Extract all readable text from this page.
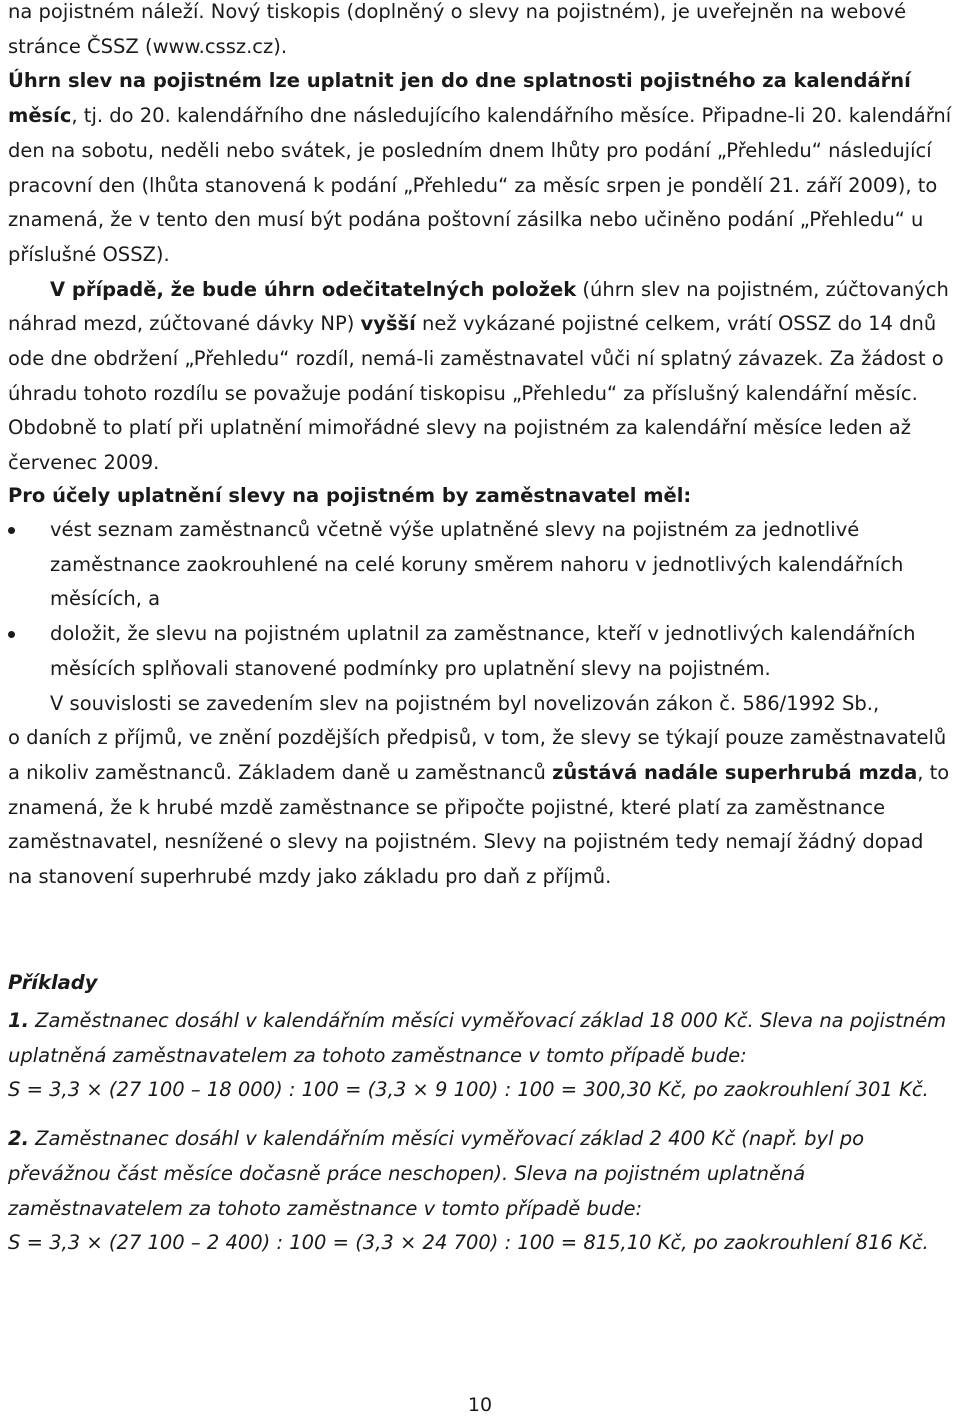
na pojistném náleží. Nový tiskopis (doplněný o slevy na pojistném), je uveřejněn na webové stránce ČSSZ (www.cssz.cz).

Úhrn slev na pojistném lze uplatnit jen do dne splatnosti pojistného za kalendářní měsíc, tj. do 20. kalendářního dne následujícího kalendářního měsíce. Připadne-li 20. kalendářní den na sobotu, neděli nebo svátek, je posledním dnem lhůty pro podání „Přehledu“ následující pracovní den (lhůta stanovená k podání „Přehledu“ za měsíc srpen je pondělí 21. září 2009), to znamená, že v tento den musí být podána poštovní zásilka nebo učiněno podání „Přehledu“ u příslušné OSSZ).

V případě, že bude úhrn odečitatelných položek (úhrn slev na pojistném, zúčtovaných náhrad mezd, zúčtované dávky NP) vyšší než vykázané pojistné celkem, vrátí OSSZ do 14 dnů ode dne obdržení „Přehledu“ rozdíl, nemá-li zaměstnavatel vůči ní splatný závazek. Za žádost o úhradu tohoto rozdílu se považuje podání tiskopisu „Přehledu“ za příslušný kalendářní měsíc. Obdobně to platí při uplatnění mimořádné slevy na pojistném za kalendářní měsíce leden až červenec 2009.

Pro účely uplatnění slevy na pojistném by zaměstnavatel měl:

vést seznam zaměstnanců včetně výše uplatněné slevy na pojistném za jednotlivé zaměstnance zaokrouhlené na celé koruny směrem nahoru v jednotlivých kalendářních měsících, a
doložit, že slevu na pojistném uplatnil za zaměstnance, kteří v jednotlivých kalendářních měsících splňovali stanovené podmínky pro uplatnění slevy na pojistném.

V souvislosti se zavedením slev na pojistném byl novelizován zákon č. 586/1992 Sb.,

o daních z příjmů, ve znění pozdějších předpisů, v tom, že slevy se týkají pouze zaměstnavatelů a nikoliv zaměstnanců. Základem daně u zaměstnanců zůstává nadále superhrubá mzda, to znamená, že k hrubé mzdě zaměstnance se připočte pojistné, které platí za zaměstnance zaměstnavatel, nesnížené o slevy na pojistném. Slevy na pojistném tedy nemají žádný dopad na stanovení superhrubé mzdy jako základu pro daň z příjmů.

Příklady

1. Zaměstnanec dosáhl v kalendářním měsíci vyměřovací základ 18 000 Kč. Sleva na pojistném uplatněná zaměstnavatelem za tohoto zaměstnance v tomto případě bude:

S = 3,3 × (27 100 – 18 000) : 100 = (3,3 × 9 100) : 100 = 300,30 Kč, po zaokrouhlení 301 Kč.

2. Zaměstnanec dosáhl v kalendářním měsíci vyměřovací základ 2 400 Kč (např. byl po převážnou část měsíce dočasně práce neschopen). Sleva na pojistném uplatněná zaměstnavatelem za tohoto zaměstnance v tomto případě bude:

S = 3,3 × (27 100 – 2 400) : 100 = (3,3 × 24 700) : 100 = 815,10 Kč, po zaokrouhlení 816 Kč.

10
